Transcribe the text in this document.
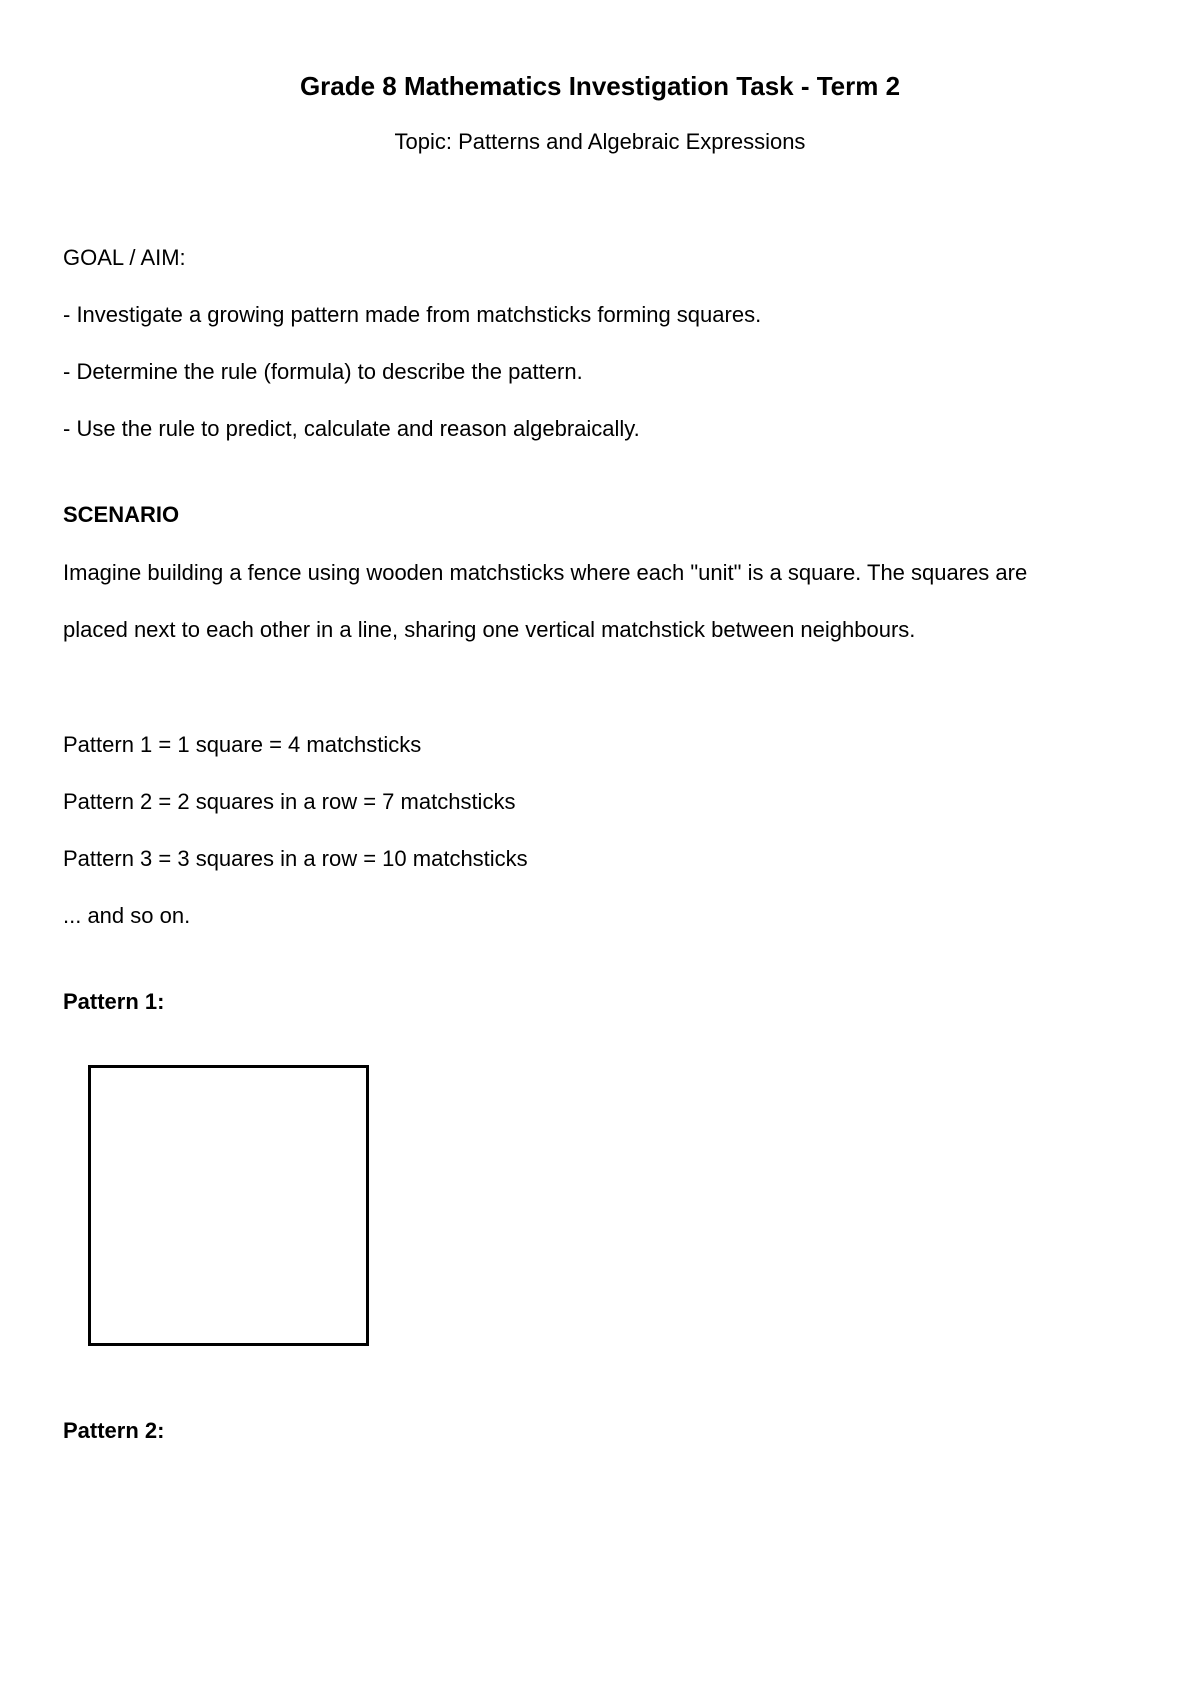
Grade 8 Mathematics Investigation Task - Term 2

Topic: Patterns and Algebraic Expressions

GOAL / AIM:

- Investigate a growing pattern made from matchsticks forming squares.

- Determine the rule (formula) to describe the pattern.

- Use the rule to predict, calculate and reason algebraically.

SCENARIO

Imagine building a fence using wooden matchsticks where each "unit" is a square. The squares are

placed next to each other in a line, sharing one vertical matchstick between neighbours.

Pattern 1 = 1 square = 4 matchsticks

Pattern 2 = 2 squares in a row = 7 matchsticks

Pattern 3 = 3 squares in a row = 10 matchsticks

... and so on.

Pattern 1:

Pattern 2:
